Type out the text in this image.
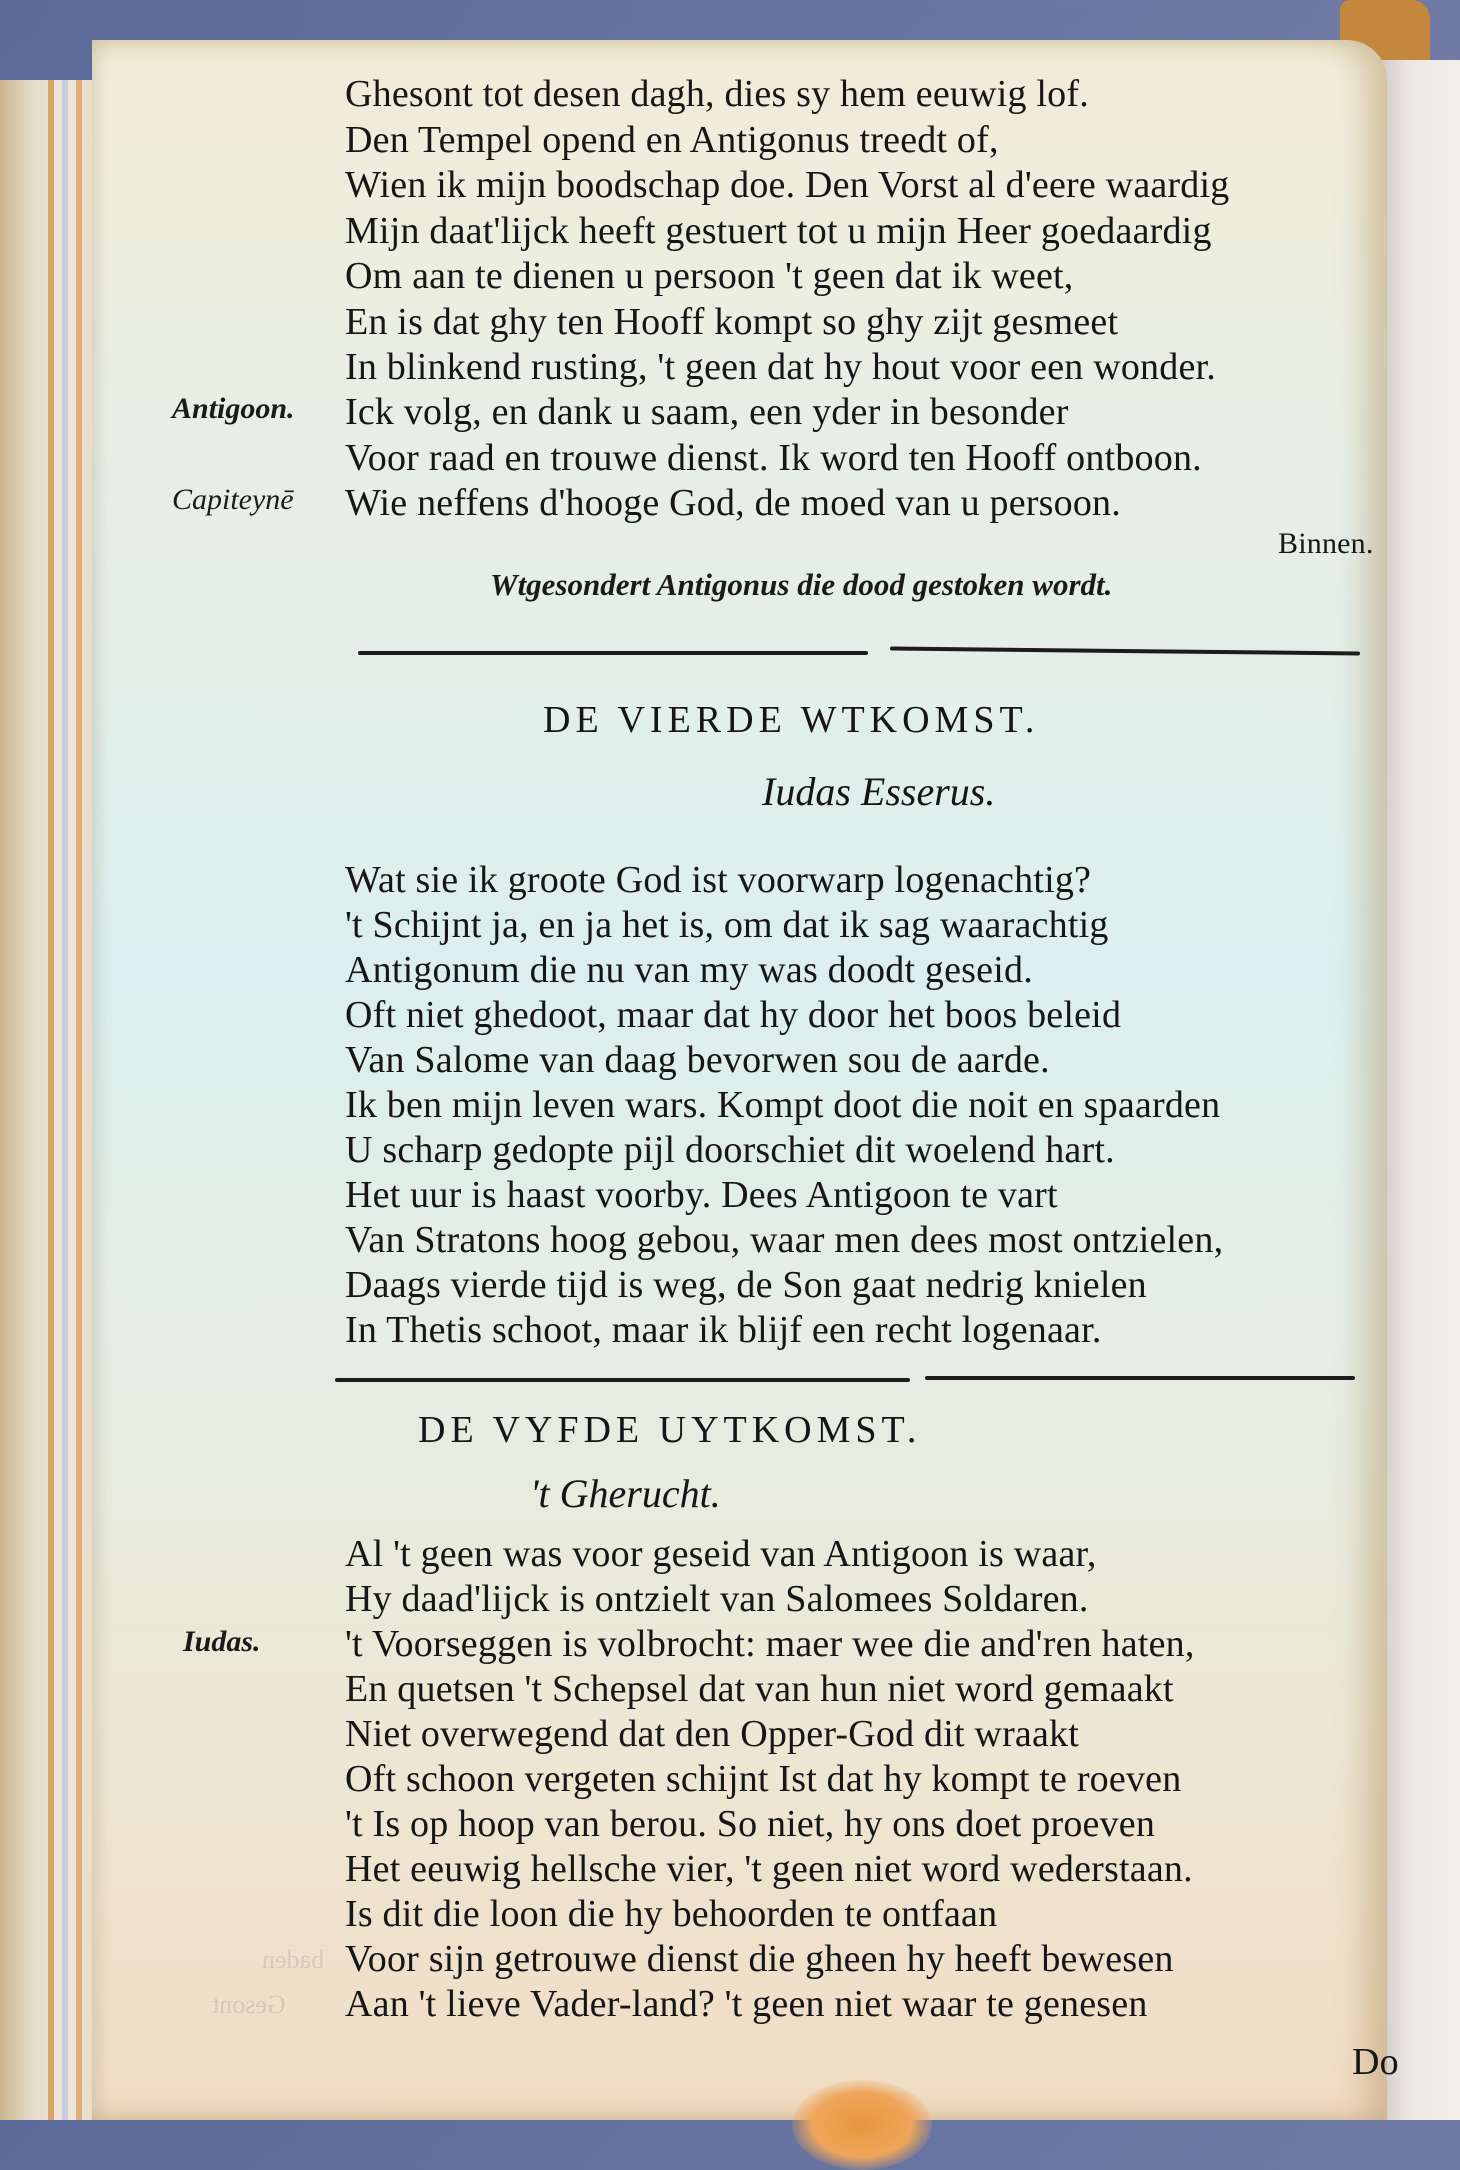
Gesont
baden
Ghesont tot desen dagh, dies sy hem eeuwig lof.
Den Tempel opend en Antigonus treedt of,
Wien ik mijn boodschap doe. Den Vorst al d'eere waardig
Mijn daat'lijck heeft gestuert tot u mijn Heer goedaardig
Om aan te dienen u persoon 't geen dat ik weet,
En is dat ghy ten Hooff kompt so ghy zijt gesmeet
In blinkend rusting, 't geen dat hy hout voor een wonder.
Antigoon. Ick volg, en dank u saam, een yder in besonder
Voor raad en trouwe dienst. Ik word ten Hooff ontboon.
Capiteynē Wie neffens d'hooge God, de moed van u persoon.
Binnen.
Wtgesondert Antigonus die dood gestoken wordt.
DE VIERDE WTKOMST.
Iudas Esserus.
Wat sie ik groote God ist voorwarp logenachtig?
't Schijnt ja, en ja het is, om dat ik sag waarachtig
Antigonum die nu van my was doodt geseid.
Oft niet ghedoot, maar dat hy door het boos beleid
Van Salome van daag bevorwen sou de aarde.
Ik ben mijn leven wars. Kompt doot die noit en spaarden
U scharp gedopte pijl doorschiet dit woelend hart.
Het uur is haast voorby. Dees Antigoon te vart
Van Stratons hoog gebou, waar men dees most ontzielen,
Daags vierde tijd is weg, de Son gaat nedrig knielen
In Thetis schoot, maar ik blijf een recht logenaar.
DE VYFDE UYTKOMST.
't Gherucht.
Al 't geen was voor geseid van Antigoon is waar,
Hy daad'lijck is ontzielt van Salomees Soldaren.
Iudas. 't Voorseggen is volbrocht: maer wee die and'ren haten,
En quetsen 't Schepsel dat van hun niet word gemaakt
Niet overwegend dat den Opper-God dit wraakt
Oft schoon vergeten schijnt Ist dat hy kompt te roeven
't Is op hoop van berou. So niet, hy ons doet proeven
Het eeuwig hellsche vier, 't geen niet word wederstaan.
Is dit die loon die hy behoorden te ontfaan
Voor sijn getrouwe dienst die gheen hy heeft bewesen
Aan 't lieve Vader-land? 't geen niet waar te genesen
Do
